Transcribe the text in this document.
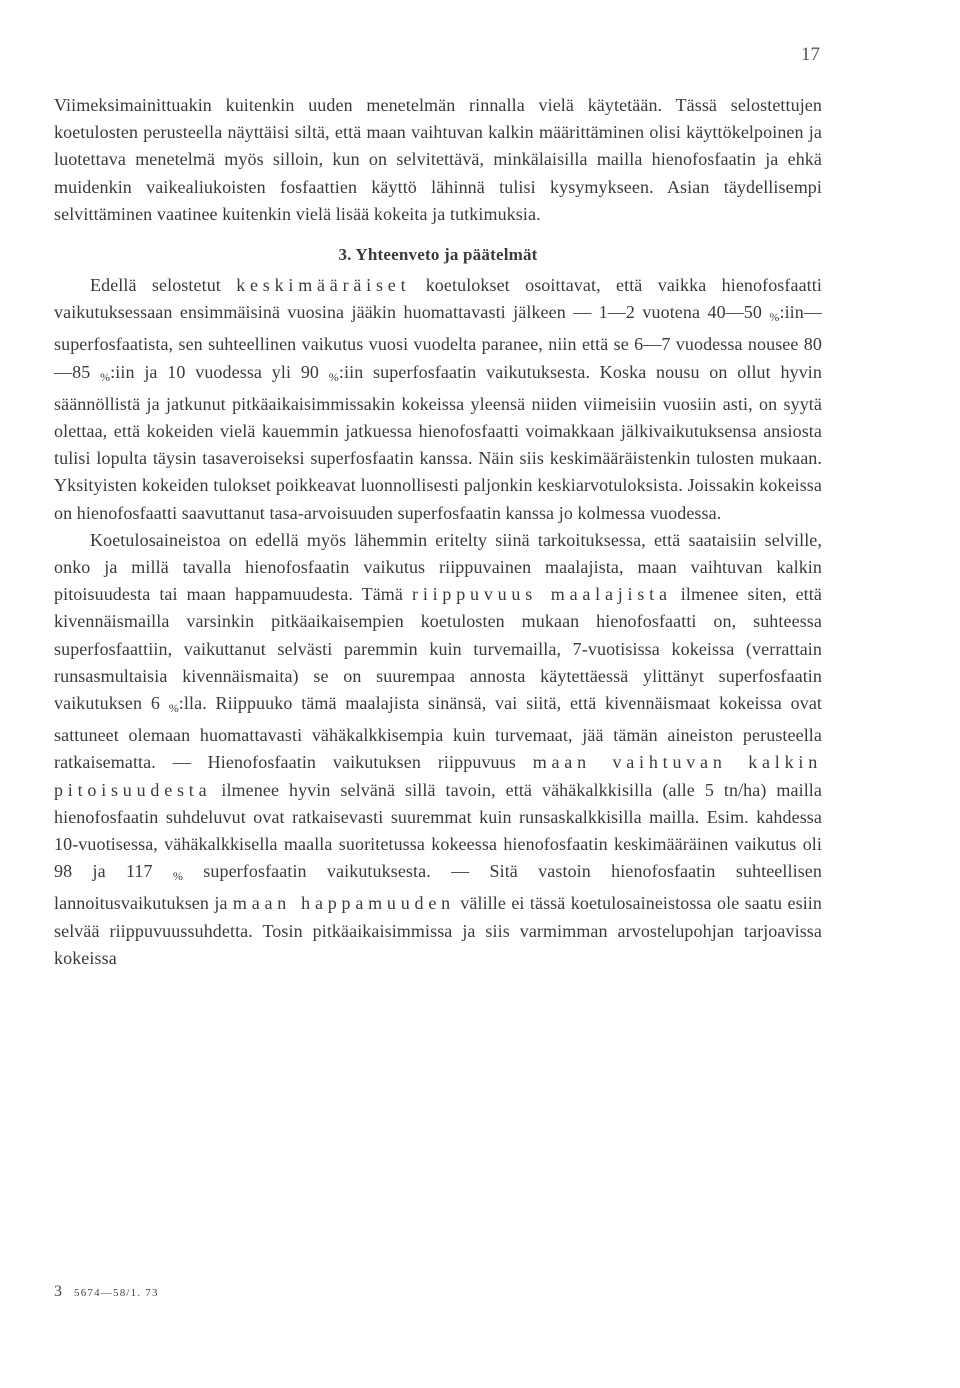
17

Viimeksimainittuakin kuitenkin uuden menetelmän rinnalla vielä käytetään. Tässä selostettujen koetulosten perusteella näyttäisi siltä, että maan vaihtuvan kalkin määrittäminen olisi käyttökelpoinen ja luotettava menetelmä myös silloin, kun on selvitettävä, minkälaisilla mailla hienofosfaatin ja ehkä muidenkin vaikealiukoisten fosfaattien käyttö lähinnä tulisi kysymykseen. Asian täydellisempi selvittäminen vaatinee kuitenkin vielä lisää kokeita ja tutkimuksia.

3. Yhteenveto ja päätelmät

Edellä selostetut keskimääräiset koetulokset osoittavat, että vaikka hienofosfaatti vaikutuksessaan ensimmäisinä vuosina jääkin huomattavasti jälkeen — 1—2 vuotena 40—50 $_{\%}$:iin—superfosfaatista, sen suhteellinen vaikutus vuosi vuodelta paranee, niin että se 6—7 vuodessa nousee 80—85 $_{\%}$:iin ja 10 vuodessa yli 90 $_{\%}$:iin superfosfaatin vaikutuksesta. Koska nousu on ollut hyvin säännöllistä ja jatkunut pitkäaikaisimmissakin kokeissa yleensä niiden viimeisiin vuosiin asti, on syytä olettaa, että kokeiden vielä kauemmin jatkuessa hienofosfaatti voimakkaan jälkivaikutuksensa ansiosta tulisi lopulta täysin tasaveroiseksi superfosfaatin kanssa. Näin siis keskimääräistenkin tulosten mukaan. Yksityisten kokeiden tulokset poikkeavat luonnollisesti paljonkin keskiarvotuloksista. Joissakin kokeissa on hienofosfaatti saavuttanut tasa-arvoisuuden superfosfaatin kanssa jo kolmessa vuodessa.

Koetulosaineistoa on edellä myös lähemmin eritelty siinä tarkoituksessa, että saataisiin selville, onko ja millä tavalla hienofosfaatin vaikutus riippuvainen maalajista, maan vaihtuvan kalkin pitoisuudesta tai maan happamuudesta. Tämä riippuvuus maalajista ilmenee siten, että kivennäismailla varsinkin pitkäaikaisempien koetulosten mukaan hienofosfaatti on, suhteessa superfosfaattiin, vaikuttanut selvästi paremmin kuin turvemailla, 7-vuotisissa kokeissa (verrattain runsasmultaisia kivennäismaita) se on suurempaa annosta käytettäessä ylittänyt superfosfaatin vaikutuksen 6 $_{\%}$:lla. Riippuuko tämä maalajista sinänsä, vai siitä, että kivennäismaat kokeissa ovat sattuneet olemaan huomattavasti vähäkalkkisempia kuin turvemaat, jää tämän aineiston perusteella ratkaisematta. — Hienofosfaatin vaikutuksen riippuvuus maan vaihtuvan kalkin pitoisuudesta ilmenee hyvin selvänä sillä tavoin, että vähäkalkkisilla (alle 5 tn/ha) mailla hienofosfaatin suhdeluvut ovat ratkaisevasti suuremmat kuin runsaskalkkisilla mailla. Esim. kahdessa 10-vuotisessa, vähäkalkkisella maalla suoritetussa kokeessa hienofosfaatin keskimääräinen vaikutus oli 98 ja 117 $_{\%}$ superfosfaatin vaikutuksesta. — Sitä vastoin hienofosfaatin suhteellisen lannoitusvaikutuksen ja maan happamuuden välille ei tässä koetulosaineistossa ole saatu esiin selvää riippuvuussuhdetta. Tosin pitkäaikaisimmissa ja siis varmimman arvostelupohjan tarjoavissa kokeissa

3 5674—58/1. 73
